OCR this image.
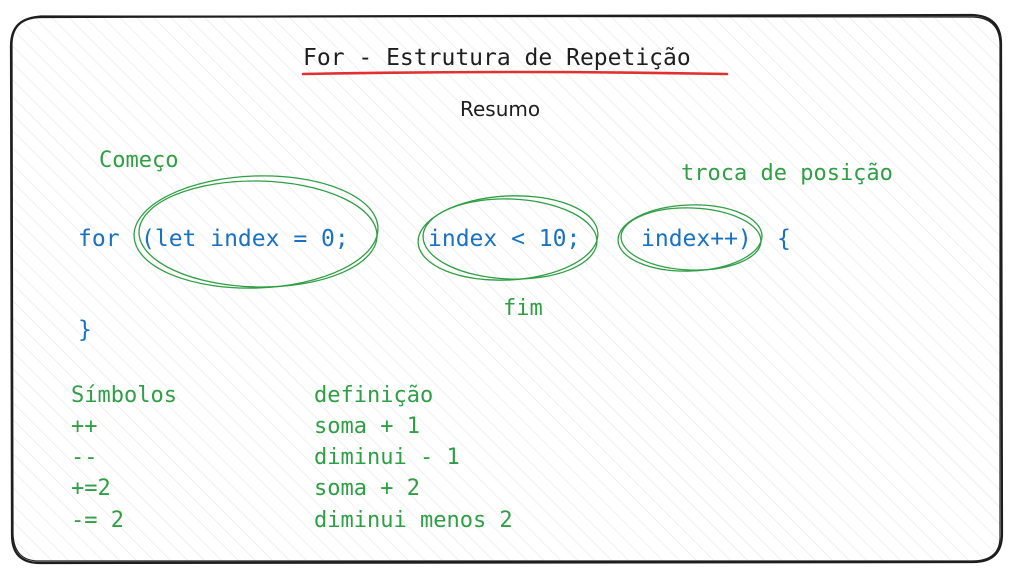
For - Estrutura de Repetição
Resumo
Começo
troca de posição
fim
for (let index = 0;	index < 10;	index++) {
}
Símbolos	definição
++	soma + 1
--	diminui - 1
+=2	soma + 2
-= 2	diminui menos 2
